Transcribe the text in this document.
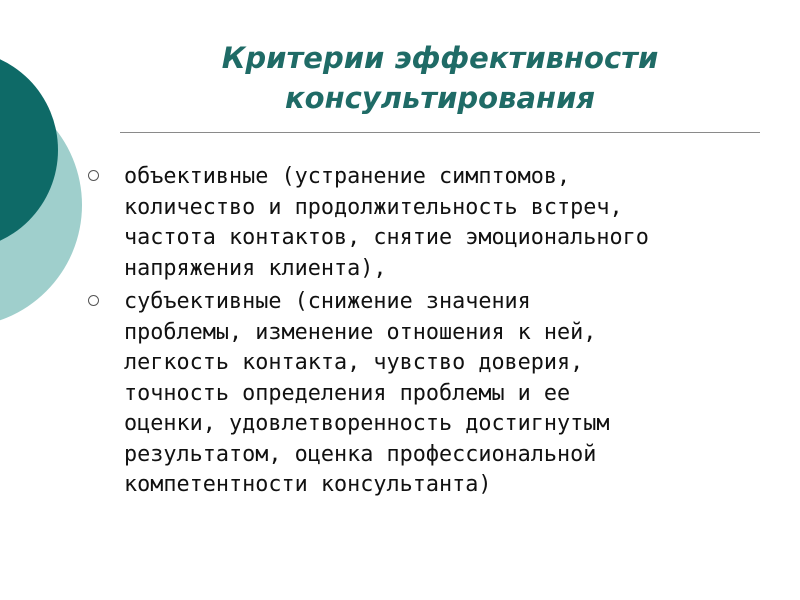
Критерии эффективности
консультирования
объективные (устранение симптомов,
количество и продолжительность встреч,
частота контактов, снятие эмоционального
напряжения клиента),
субъективные (снижение значения
проблемы, изменение отношения к ней,
легкость контакта, чувство доверия,
точность определения проблемы и ее
оценки, удовлетворенность достигнутым
результатом, оценка профессиональной
компетентности консультанта)
